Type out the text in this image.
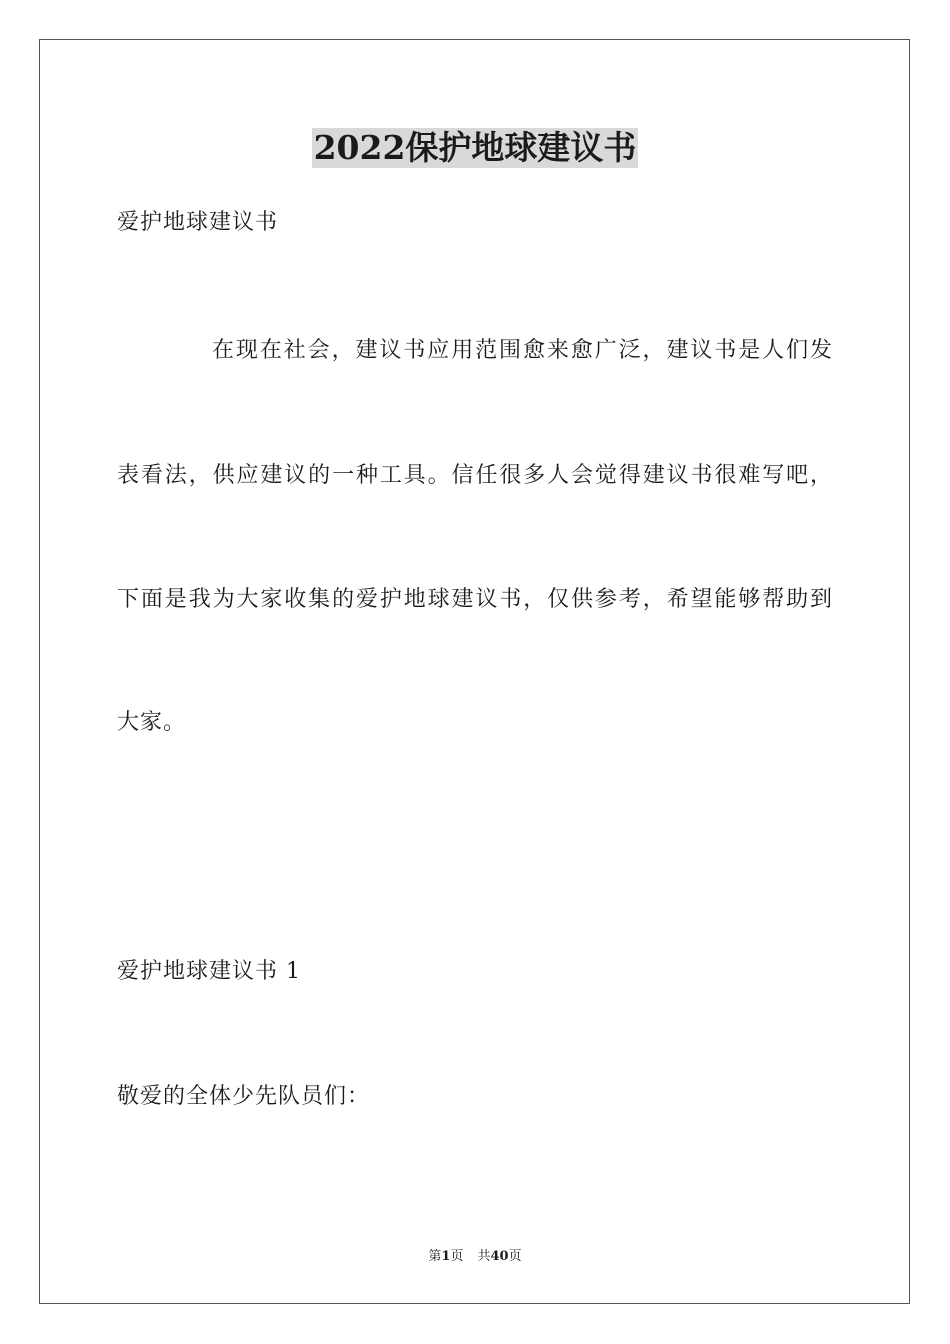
2022保护地球建议书
爱护地球建议书
在现在社会，建议书应用范围愈来愈广泛，建议书是人们发
表看法，供应建议的一种工具。信任很多人会觉得建议书很难写吧，
下面是我为大家收集的爱护地球建议书，仅供参考，希望能够帮助到
大家。
爱护地球建议书 1
敬爱的全体少先队员们：
第1页 共40页
